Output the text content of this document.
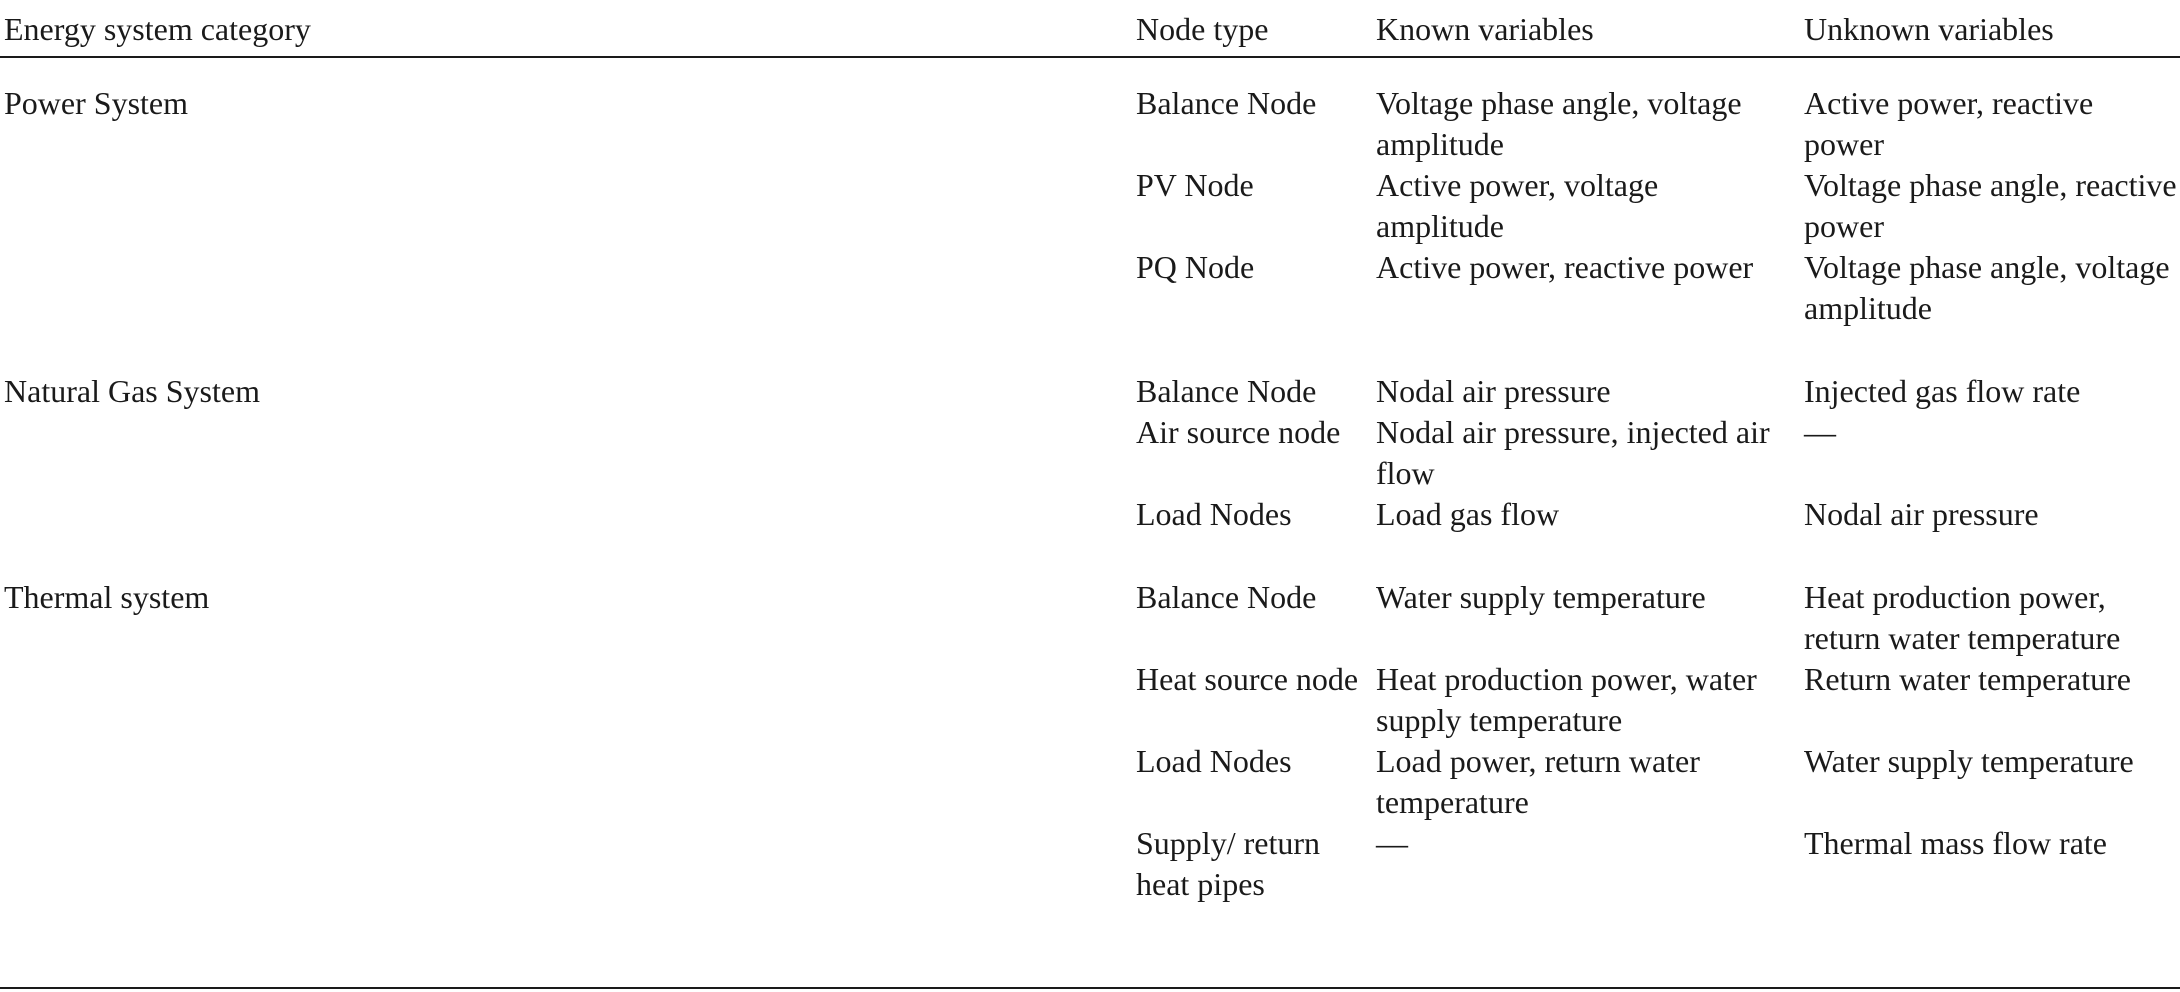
Energy system category	Node type	Known variables	Unknown variables
Power System	Balance Node	Voltage phase angle, voltage amplitude	Active power, reactive power
	PV Node	Active power, voltage amplitude	Voltage phase angle, reactive power
	PQ Node	Active power, reactive power	Voltage phase angle, voltage amplitude
Natural Gas System	Balance Node	Nodal air pressure	Injected gas flow rate
	Air source node	Nodal air pressure, injected air flow	—
	Load Nodes	Load gas flow	Nodal air pressure
Thermal system	Balance Node	Water supply temperature	Heat production power, return water temperature
	Heat source node	Heat production power, water supply temperature	Return water temperature
	Load Nodes	Load power, return water temperature	Water supply temperature
	Supply/ return heat pipes	—	Thermal mass flow rate
